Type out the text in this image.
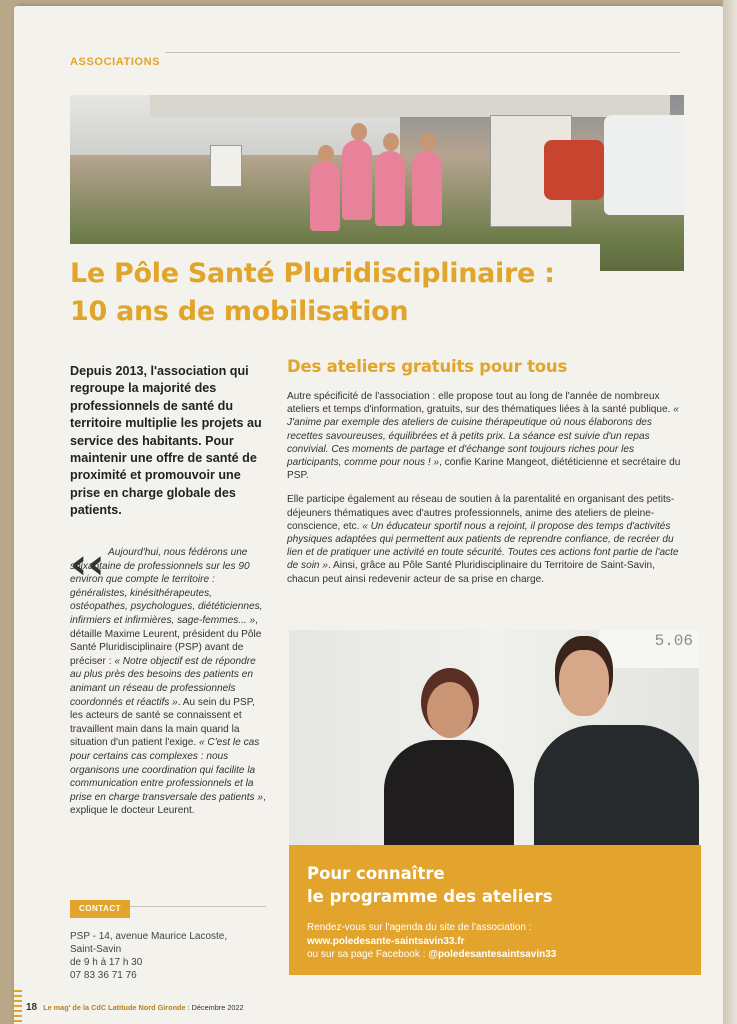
ASSOCIATIONS
Le Pôle Santé Pluridisciplinaire :
10 ans de mobilisation
Depuis 2013, l'association qui regroupe la majorité des professionnels de santé du territoire multiplie les projets au service des habitants. Pour maintenir une offre de santé de proximité et promouvoir une prise en charge globale des patients.
‹‹ Aujourd'hui, nous fédérons une soixantaine de professionnels sur les 90 environ que compte le territoire : généralistes, kinésithérapeutes, ostéopathes, psychologues, diététiciennes, infirmiers et infirmières, sage-femmes... », détaille Maxime Leurent, président du Pôle Santé Pluridisciplinaire (PSP) avant de préciser : « Notre objectif est de répondre au plus près des besoins des patients en animant un réseau de professionnels coordonnés et réactifs ». Au sein du PSP, les acteurs de santé se connaissent et travaillent main dans la main quand la situation d'un patient l'exige. « C'est le cas pour certains cas complexes : nous organisons une coordination qui facilite la communication entre professionnels et la prise en charge transversale des patients », explique le docteur Leurent.
CONTACT
PSP - 14, avenue Maurice Lacoste,
Saint-Savin
de 9 h à 17 h 30
07 83 36 71 76
Des ateliers gratuits pour tous

Autre spécificité de l'association : elle propose tout au long de l'année de nombreux ateliers et temps d'information, gratuits, sur des thématiques liées à la santé publique. « J'anime par exemple des ateliers de cuisine thérapeutique où nous élaborons des recettes savoureuses, équilibrées et à petits prix. La séance est suivie d'un repas convivial. Ces moments de partage et d'échange sont toujours riches pour les participants, comme pour nous ! », confie Karine Mangeot, diététicienne et secrétaire du PSP.

Elle participe également au réseau de soutien à la parentalité en organisant des petits-déjeuners thématiques avec d'autres professionnels, anime des ateliers de pleine-conscience, etc. « Un éducateur sportif nous a rejoint, il propose des temps d'activités physiques adaptées qui permettent aux patients de reprendre confiance, de recréer du lien et de pratiquer une activité en toute sécurité. Toutes ces actions font partie de l'acte de soin ». Ainsi, grâce au Pôle Santé Pluridisciplinaire du Territoire de Saint-Savin, chacun peut ainsi redevenir acteur de sa prise en charge.

5.06
Pour connaître
le programme des ateliers
Rendez-vous sur l'agenda du site de l'association :
www.poledesante-saintsavin33.fr
ou sur sa page Facebook : @poledesantesaintsavin33
18 Le mag' de la CdC Latitude Nord Gironde : Décembre 2022
